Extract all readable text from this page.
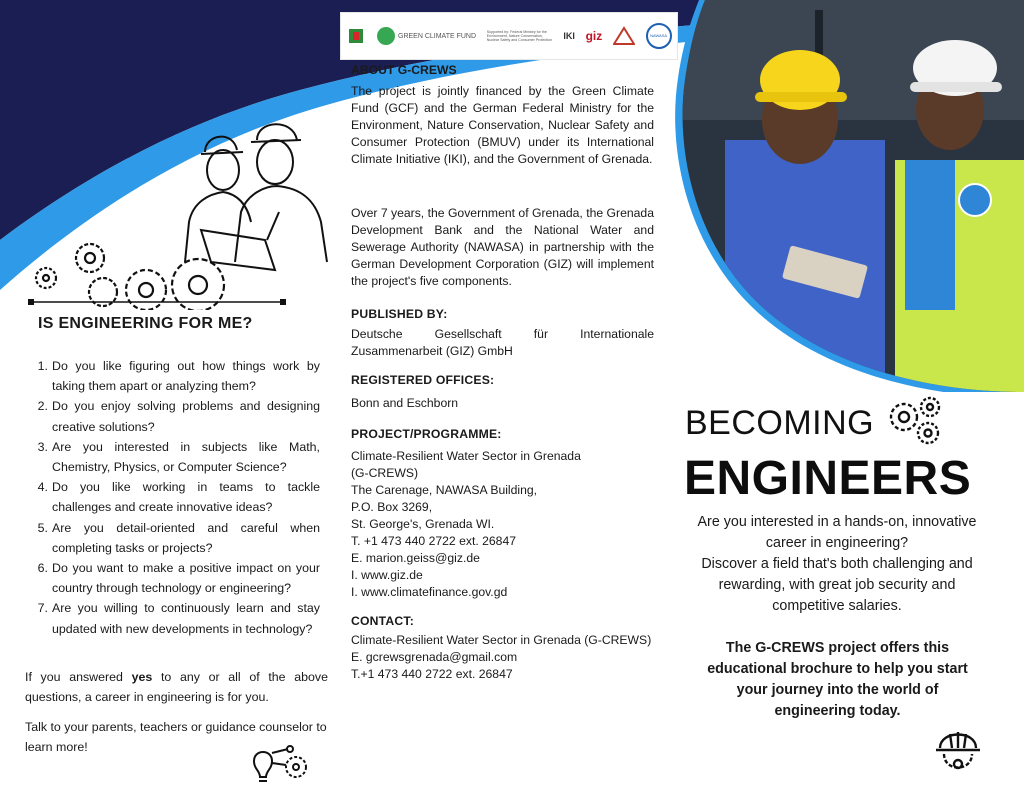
GREEN CLIMATE FUND
Supported by: Federal Ministry for the Environment, Nature Conservation, Nuclear Safety and Consumer Protection IKI giz	NAWASA
IS ENGINEERING FOR ME?
1. Do you like figuring out how things work by taking them apart or analyzing them?
2. Do you enjoy solving problems and designing creative solutions?
3. Are you interested in subjects like Math, Chemistry, Physics, or Computer Science?
4. Do you like working in teams to tackle challenges and create innovative ideas?
5. Are you detail-oriented and careful when completing tasks or projects?
6. Do you want to make a positive impact on your country through technology or engineering?
7. Are you willing to continuously learn and stay updated with new developments in technology?
If you answered yes to any or all of the above questions, a career in engineering is for you.
Talk to your parents, teachers or guidance counselor to learn more!
ABOUT G-CREWS
The project is jointly financed by the Green Climate Fund (GCF) and the German Federal Ministry for the Environment, Nature Conservation, Nuclear Safety and Consumer Protection (BMUV) under its International Climate Initiative (IKI), and the Government of Grenada.
Over 7 years, the Government of Grenada, the Grenada Development Bank and the National Water and Sewerage Authority (NAWASA) in partnership with the German Development Corporation (GIZ) will implement the project's five components.
PUBLISHED BY:
Deutsche Gesellschaft für Internationale Zusammenarbeit (GIZ) GmbH
REGISTERED OFFICES:
Bonn and Eschborn
PROJECT/PROGRAMME:
Climate-Resilient Water Sector in Grenada
(G-CREWS)
The Carenage, NAWASA Building,
P.O. Box 3269,
St. George's, Grenada WI.
T. +1 473 440 2722 ext. 26847
E. marion.geiss@giz.de
I. www.giz.de
I. www.climatefinance.gov.gd
CONTACT:
Climate-Resilient Water Sector in Grenada (G-CREWS)
E. gcrewsgrenada@gmail.com
T.+1 473 440 2722 ext. 26847
BECOMING
ENGINEERS
Are you interested in a hands-on, innovative career in engineering?
Discover a field that's both challenging and rewarding, with great job security and competitive salaries.
The G-CREWS project offers this educational brochure to help you start your journey into the world of engineering today.
